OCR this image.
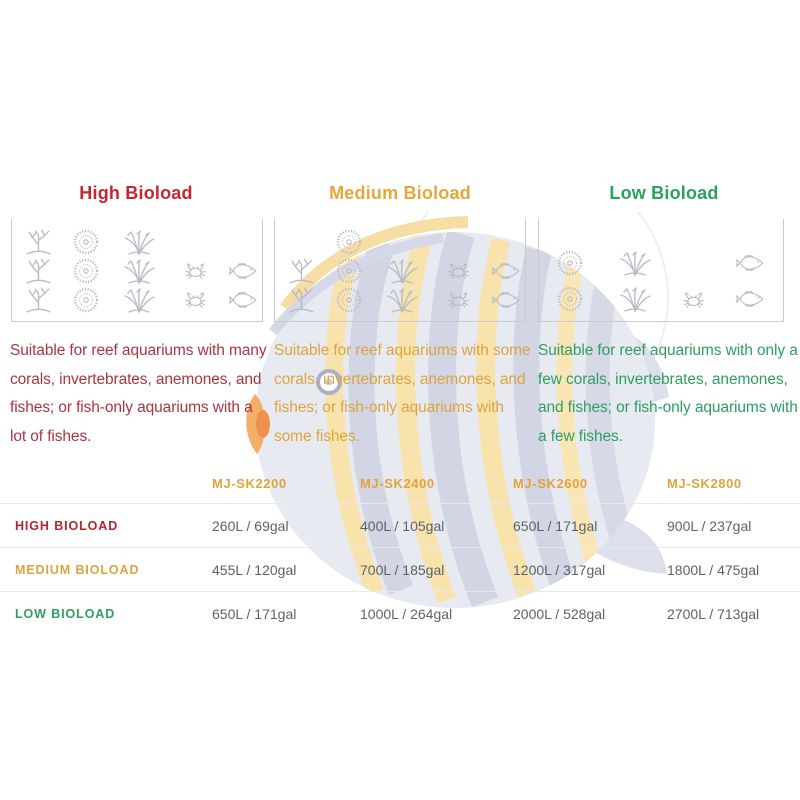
High Bioload

Suitable for reef aquariums with many corals, invertebrates, anemones, and fishes; or fish-only aquariums with a lot of fishes.

Medium Bioload

Suitable for reef aquariums with some corals, invertebrates, anemones, and fishes; or fish-only aquariums with some fishes.

Low Bioload

Suitable for reef aquariums with only a few corals, invertebrates, anemones, and fishes; or fish-only aquariums with a few fishes.

MJ-SK2200	MJ-SK2400	MJ-SK2600	MJ-SK2800
HIGH BIOLOAD	260L / 69gal	400L / 105gal	650L / 171gal	900L / 237gal
MEDIUM BIOLOAD	455L / 120gal	700L / 185gal	1200L / 317gal	1800L / 475gal
LOW BIOLOAD	650L / 171gal	1000L / 264gal	2000L / 528gal	2700L / 713gal
